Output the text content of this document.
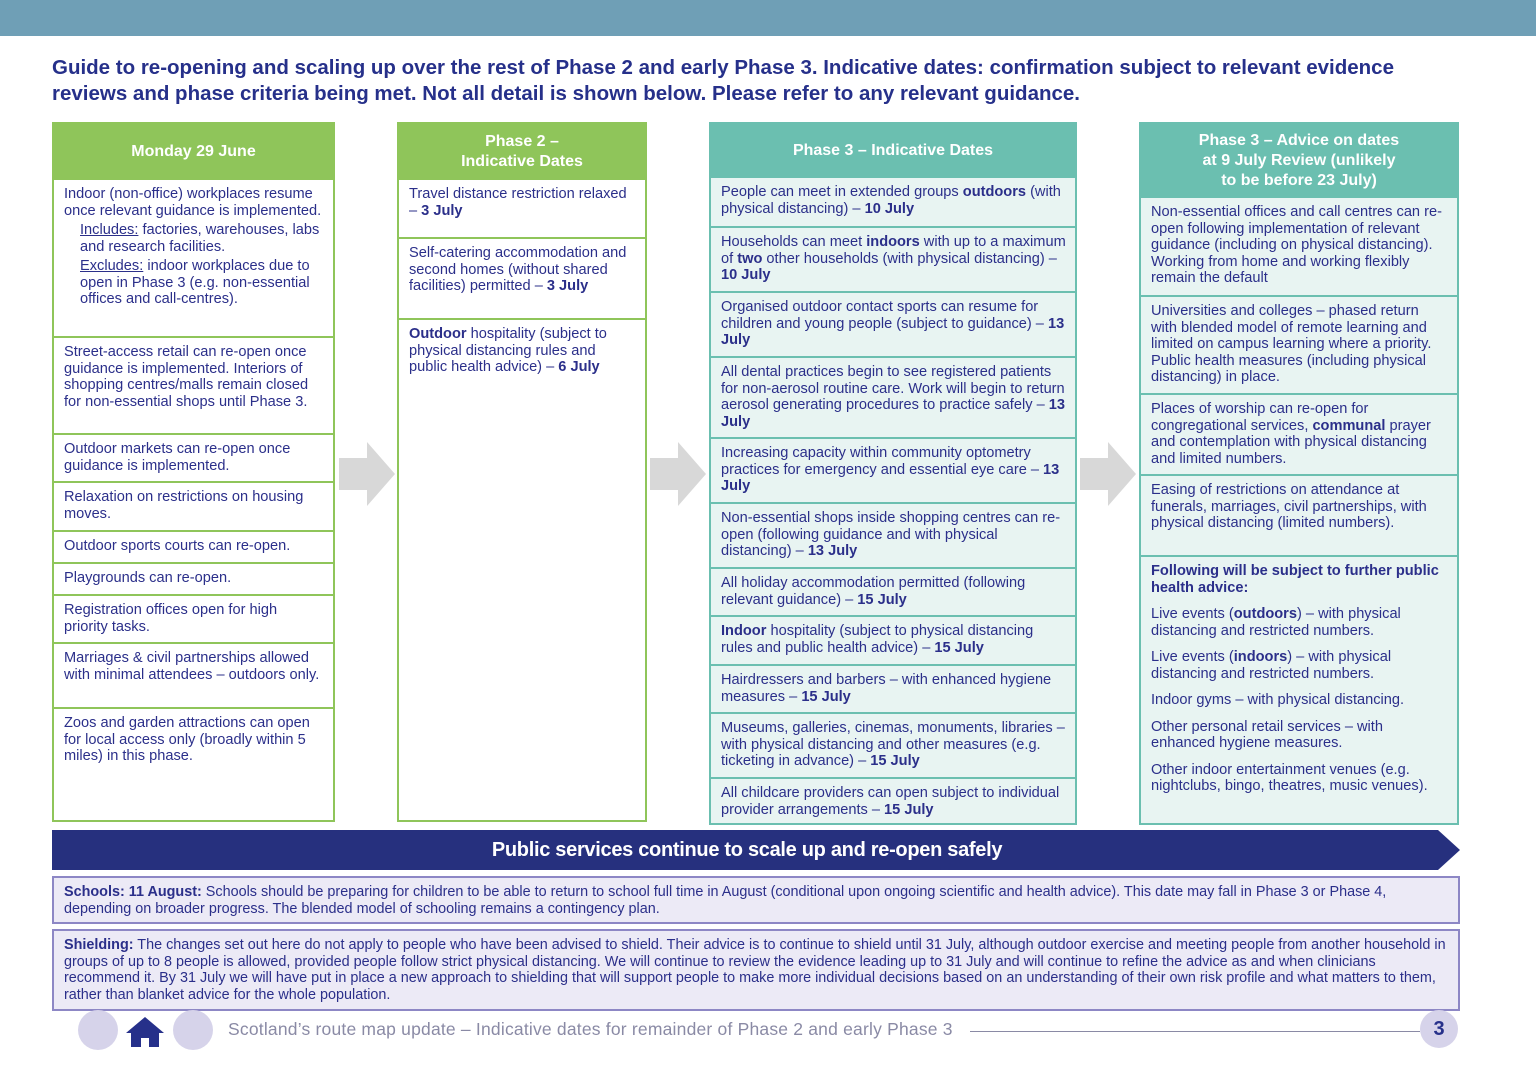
Guide to re-opening and scaling up over the rest of Phase 2 and early Phase 3. Indicative dates: confirmation subject to relevant evidence reviews and phase criteria being met. Not all detail is shown below. Please refer to any relevant guidance.
Monday 29 June
Indoor (non-office) workplaces resume once relevant guidance is implemented.
Includes: factories, warehouses, labs and research facilities.
Excludes: indoor workplaces due to open in Phase 3 (e.g. non-essential offices and call-centres).
Street-access retail can re-open once guidance is implemented. Interiors of shopping centres/malls remain closed for non-essential shops until Phase 3.
Outdoor markets can re-open once guidance is implemented.
Relaxation on restrictions on housing moves.
Outdoor sports courts can re-open.
Playgrounds can re-open.
Registration offices open for high priority tasks.
Marriages & civil partnerships allowed with minimal attendees – outdoors only.
Zoos and garden attractions can open for local access only (broadly within 5 miles) in this phase.
Phase 2 –
Indicative Dates
Travel distance restriction relaxed – 3 July
Self-catering accommodation and second homes (without shared facilities) permitted – 3 July
Outdoor hospitality (subject to physical distancing rules and public health advice) – 6 July
Phase 3 – Indicative Dates
People can meet in extended groups outdoors (with physical distancing) – 10 July
Households can meet indoors with up to a maximum of two other households (with physical distancing) – 10 July
Organised outdoor contact sports can resume for children and young people (subject to guidance) – 13 July
All dental practices begin to see registered patients for non-aerosol routine care. Work will begin to return aerosol generating procedures to practice safely – 13 July
Increasing capacity within community optometry practices for emergency and essential eye care – 13 July
Non-essential shops inside shopping centres can re-open (following guidance and with physical distancing) – 13 July
All holiday accommodation permitted (following relevant guidance) – 15 July
Indoor hospitality (subject to physical distancing rules and public health advice) – 15 July
Hairdressers and barbers – with enhanced hygiene measures – 15 July
Museums, galleries, cinemas, monuments, libraries – with physical distancing and other measures (e.g. ticketing in advance) – 15 July
All childcare providers can open subject to individual provider arrangements – 15 July
Phase 3 – Advice on dates
at 9 July Review (unlikely
to be before 23 July)
Non-essential offices and call centres can re-open following implementation of relevant guidance (including on physical distancing). Working from home and working flexibly remain the default
Universities and colleges – phased return with blended model of remote learning and limited on campus learning where a priority. Public health measures (including physical distancing) in place.
Places of worship can re-open for congregational services, communal prayer and contemplation with physical distancing and limited numbers.
Easing of restrictions on attendance at funerals, marriages, civil partnerships, with physical distancing (limited numbers).
Following will be subject to further public health advice:
Live events (outdoors) – with physical distancing and restricted numbers.
Live events (indoors) – with physical distancing and restricted numbers.
Indoor gyms – with physical distancing.
Other personal retail services – with enhanced hygiene measures.
Other indoor entertainment venues (e.g. nightclubs, bingo, theatres, music venues).
Public services continue to scale up and re-open safely
Schools: 11 August: Schools should be preparing for children to be able to return to school full time in August (conditional upon ongoing scientific and health advice). This date may fall in Phase 3 or Phase 4, depending on broader progress. The blended model of schooling remains a contingency plan.
Shielding: The changes set out here do not apply to people who have been advised to shield. Their advice is to continue to shield until 31 July, although outdoor exercise and meeting people from another household in groups of up to 8 people is allowed, provided people follow strict physical distancing. We will continue to review the evidence leading up to 31 July and will continue to refine the advice as and when clinicians recommend it. By 31 July we will have put in place a new approach to shielding that will support people to make more individual decisions based on an understanding of their own risk profile and what matters to them, rather than blanket advice for the whole population.
Scotland’s route map update – Indicative dates for remainder of Phase 2 and early Phase 3	3
